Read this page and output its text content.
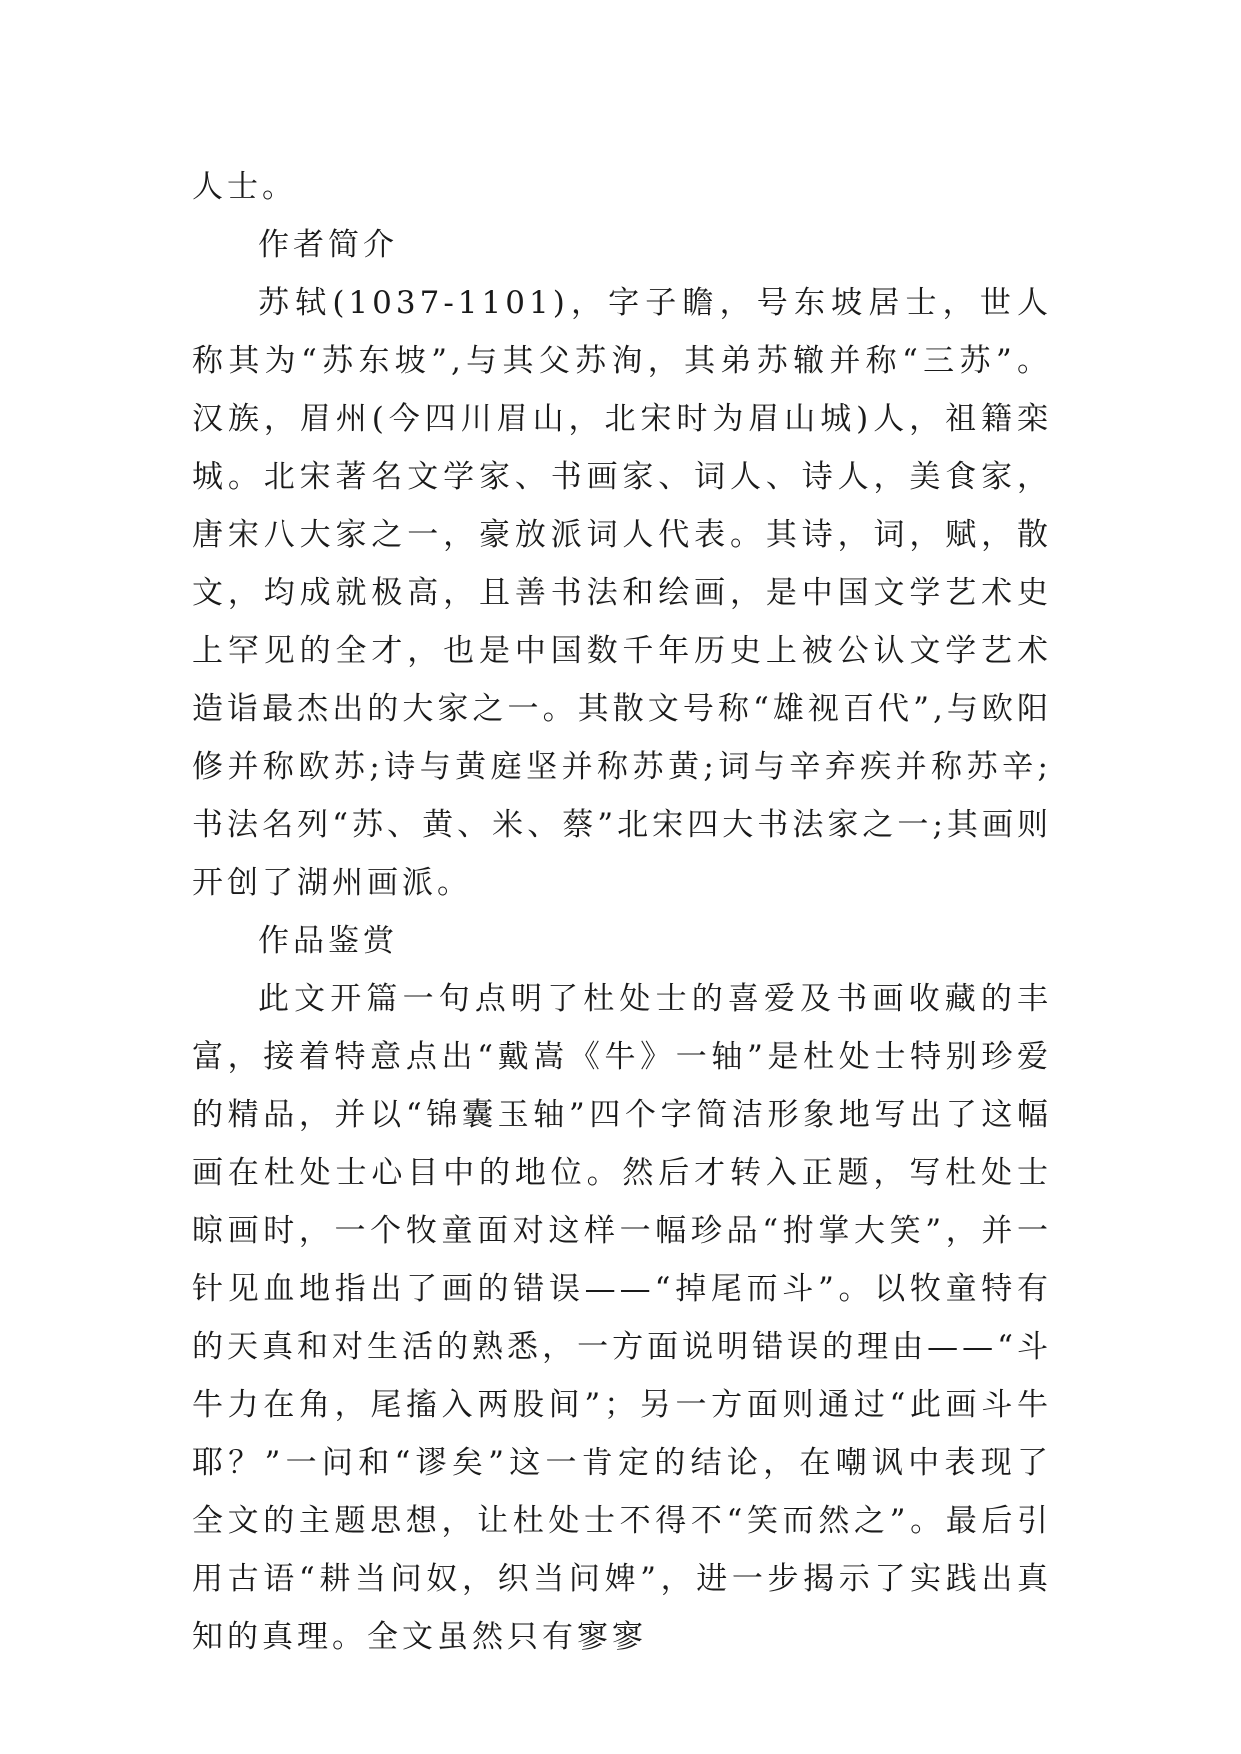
人士。

作者简介

苏轼(1037-1101)，字子瞻，号东坡居士，世人称其为“苏东坡”,与其父苏洵，其弟苏辙并称“三苏”。汉族，眉州(今四川眉山，北宋时为眉山城)人，祖籍栾城。北宋著名文学家、书画家、词人、诗人，美食家，唐宋八大家之一，豪放派词人代表。其诗，词，赋，散文，均成就极高，且善书法和绘画，是中国文学艺术史上罕见的全才，也是中国数千年历史上被公认文学艺术造诣最杰出的大家之一。其散文号称“雄视百代”,与欧阳修并称欧苏;诗与黄庭坚并称苏黄;词与辛弃疾并称苏辛;书法名列“苏、黄、米、蔡”北宋四大书法家之一;其画则开创了湖州画派。

作品鉴赏

此文开篇一句点明了杜处士的喜爱及书画收藏的丰富，接着特意点出“戴嵩《牛》一轴”是杜处士特别珍爱的精品，并以“锦囊玉轴”四个字简洁形象地写出了这幅画在杜处士心目中的地位。然后才转入正题，写杜处士晾画时，一个牧童面对这样一幅珍品“拊掌大笑”，并一针见血地指出了画的错误——“掉尾而斗”。以牧童特有的天真和对生活的熟悉，一方面说明错误的理由——“斗牛力在角，尾搐入两股间”；另一方面则通过“此画斗牛耶？”一问和“谬矣”这一肯定的结论，在嘲讽中表现了全文的主题思想，让杜处士不得不“笑而然之”。最后引用古语“耕当问奴，织当问婢”，进一步揭示了实践出真知的真理。全文虽然只有寥寥
